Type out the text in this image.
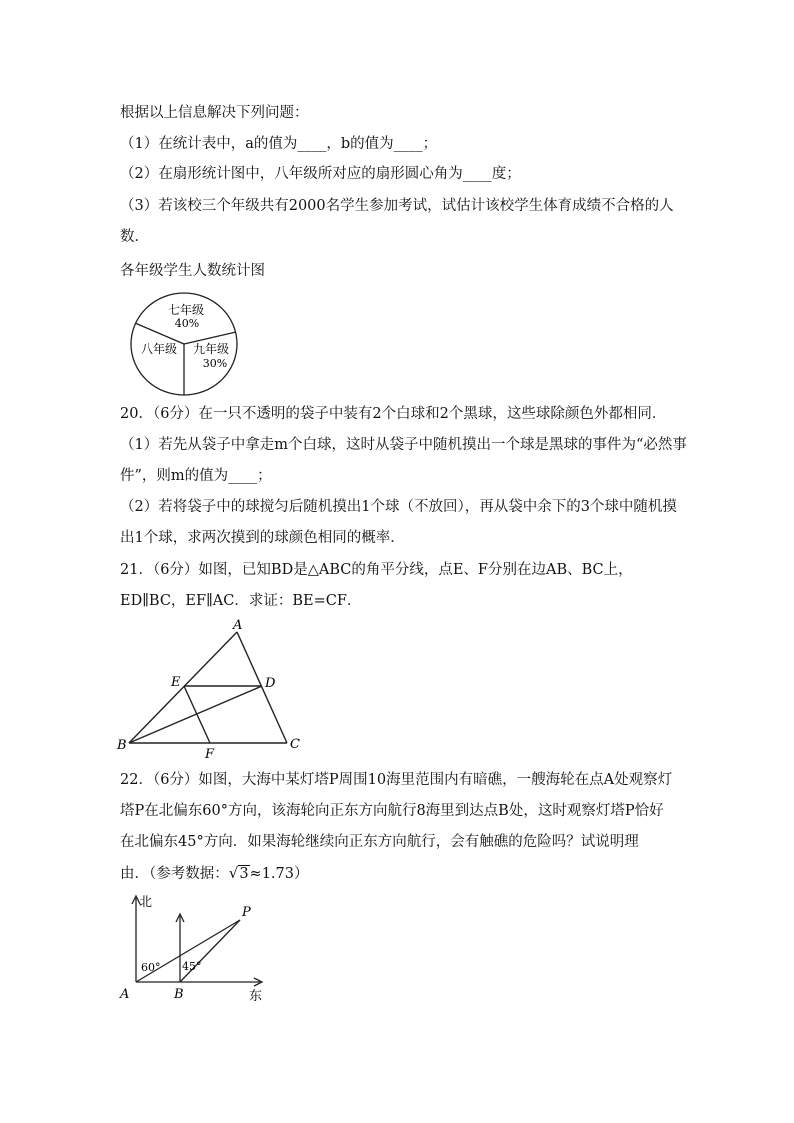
根据以上信息解决下列问题：
（1）在统计表中，a的值为____，b的值为____；
（2）在扇形统计图中，八年级所对应的扇形圆心角为____度；
（3）若该校三个年级共有2000名学生参加考试，试估计该校学生体育成绩不合格的人
数．
各年级学生人数统计图
七年级
40%
八年级 九年级
30%
20．（6分）在一只不透明的袋子中装有2个白球和2个黑球，这些球除颜色外都相同．
（1）若先从袋子中拿走m个白球，这时从袋子中随机摸出一个球是黑球的事件为“必然事
件”，则m的值为____；
（2）若将袋子中的球搅匀后随机摸出1个球（不放回），再从袋中余下的3个球中随机摸
出1个球，求两次摸到的球颜色相同的概率．
21．（6分）如图，已知BD是△ABC的角平分线，点E、F分别在边AB、BC上，
ED∥BC，EF∥AC．求证：BE=CF．
A
B	C
D
E
F
22．（6分）如图，大海中某灯塔P周围10海里范围内有暗礁，一艘海轮在点A处观察灯
塔P在北偏东60°方向，该海轮向正东方向航行8海里到达点B处，这时观察灯塔P恰好
在北偏东45°方向．如果海轮继续向正东方向航行，会有触礁的危险吗？试说明理
由．（参考数据：√3≈1.73）
北
东
60° 45°
A	B
P
